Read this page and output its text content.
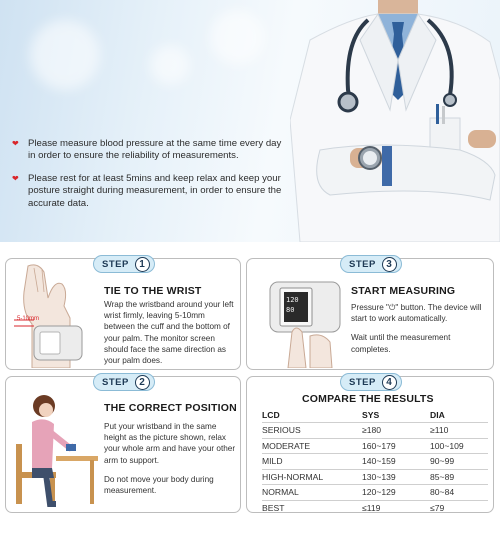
❤ Please measure blood pressure at the same time every day in order to ensure the reliability of measurements.
❤ Please rest for at least 5mins and keep relax and keep your posture straight during measurement, in order to ensure the accurate data.
STEP	1
TIE TO THE WRIST
Wrap the wristband around your left wrist firmly, leaving 5-10mm between the cuff and the bottom of your palm. The monitor screen should face the same direction as your palm does.
5-10mm
STEP	3
START MEASURING

Pressure "⏻" button. The device will start to work automatically.

Wait until the measurement completes.

120
80
STEP	2
THE CORRECT POSITION

Put your wristband in the same height as the picture shown, relax your whole arm and have your other arm to support.

Do not move your body during measurement.

STEP	4
COMPARE THE RESULTS
LCD	SYS	DIA
SERIOUS	≥180	≥110
MODERATE	160~179	100~109
MILD	140~159	90~99
HIGH-NORMAL	130~139	85~89
NORMAL	120~129	80~84
BEST	≤119	≤79
